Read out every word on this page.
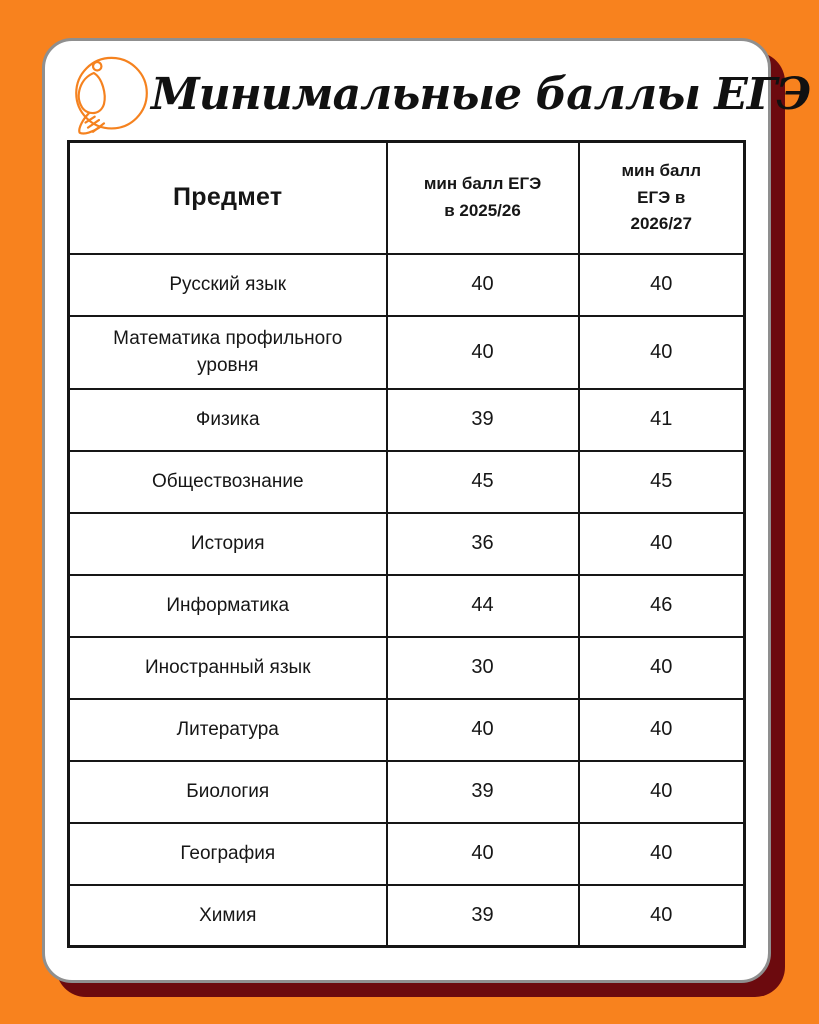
Минимальные баллы ЕГЭ
Предмет	мин балл ЕГЭ в 2025/26	мин балл ЕГЭ в 2026/27
Русский язык	40	40
Математика профильного уровня	40	40
Физика	39	41
Обществознание	45	45
История	36	40
Информатика	44	46
Иностранный язык	30	40
Литература	40	40
Биология	39	40
География	40	40
Химия	39	40
